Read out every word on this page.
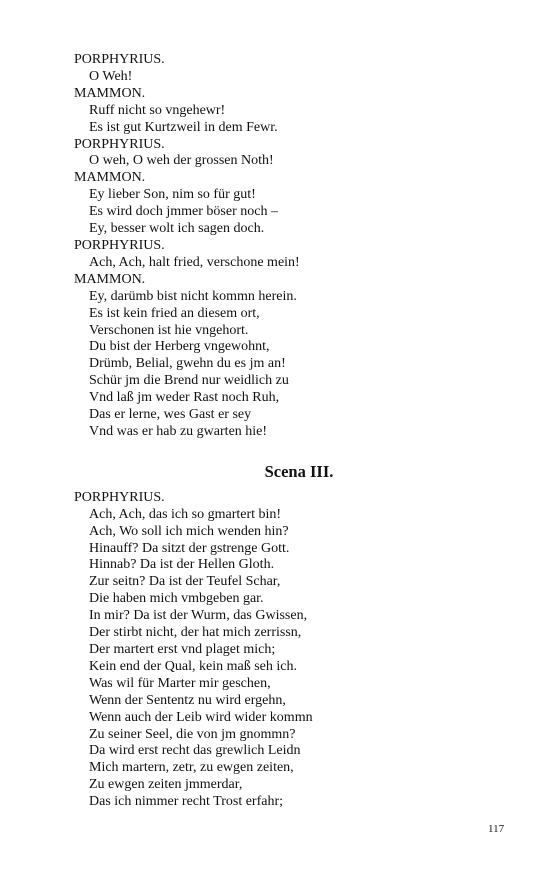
PORPHYRIUS.
O Weh!
MAMMON.
Ruff nicht so vngehewr!
Es ist gut Kurtzweil in dem Fewr.
PORPHYRIUS.
O weh, O weh der grossen Noth!
MAMMON.
Ey lieber Son, nim so für gut!
Es wird doch jmmer böser noch –
Ey, besser wolt ich sagen doch.
PORPHYRIUS.
Ach, Ach, halt fried, verschone mein!
MAMMON.
Ey, darümb bist nicht kommn herein.
Es ist kein fried an diesem ort,
Verschonen ist hie vngehort.
Du bist der Herberg vngewohnt,
Drümb, Belial, gwehn du es jm an!
Schür jm die Brend nur weidlich zu
Vnd laß jm weder Rast noch Ruh,
Das er lerne, wes Gast er sey
Vnd was er hab zu gwarten hie!
Scena III.
PORPHYRIUS.
Ach, Ach, das ich so gmartert bin!
Ach, Wo soll ich mich wenden hin?
Hinauff? Da sitzt der gstrenge Gott.
Hinnab? Da ist der Hellen Gloth.
Zur seitn? Da ist der Teufel Schar,
Die haben mich vmbgeben gar.
In mir? Da ist der Wurm, das Gwissen,
Der stirbt nicht, der hat mich zerrissn,
Der martert erst vnd plaget mich;
Kein end der Qual, kein maß seh ich.
Was wil für Marter mir geschen,
Wenn der Sententz nu wird ergehn,
Wenn auch der Leib wird wider kommn
Zu seiner Seel, die von jm gnommn?
Da wird erst recht das grewlich Leidn
Mich martern, zetr, zu ewgen zeiten,
Zu ewgen zeiten jmmerdar,
Das ich nimmer recht Trost erfahr;
117
